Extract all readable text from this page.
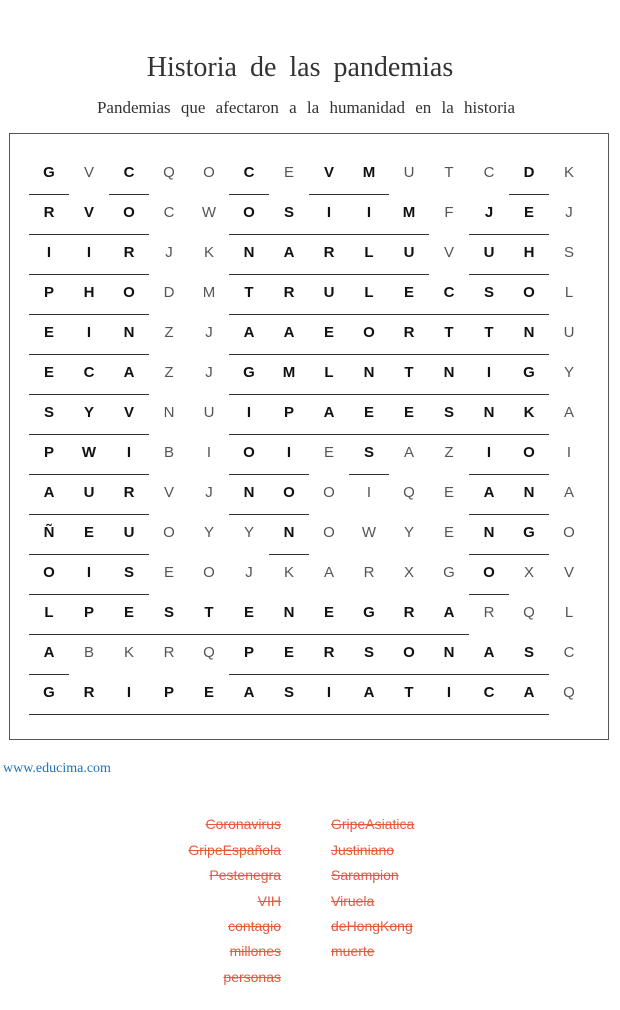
Historia de las pandemias
Pandemias que afectaron a la humanidad en la historia
G	V	C	Q	O	C	E	V	M	U	T	C	D	K
R	V	O	C	W	O	S	I	I	M	F	J	E	J
I	I	R	J	K	N	A	R	L	U	V	U	H	S
P	H	O	D	M	T	R	U	L	E	C	S	O	L
E	I	N	Z	J	A	A	E	O	R	T	T	N	U
E	C	A	Z	J	G	M	L	N	T	N	I	G	Y
S	Y	V	N	U	I	P	A	E	E	S	N	K	A
P	W	I	B	I	O	I	E	S	A	Z	I	O	I
A	U	R	V	J	N	O	O	I	Q	E	A	N	A
Ñ	E	U	O	Y	Y	N	O	W	Y	E	N	G	O
O	I	S	E	O	J	K	A	R	X	G	O	X	V
L	P	E	S	T	E	N	E	G	R	A	R	Q	L
A	B	K	R	Q	P	E	R	S	O	N	A	S	C
G	R	I	P	E	A	S	I	A	T	I	C	A	Q
www.educima.com
Coronavirus
GripeEspañola
Pestenegra
VIH
contagio
millones
personas
GripeAsiatica
Justiniano
Sarampion
Viruela
deHongKong
muerte
